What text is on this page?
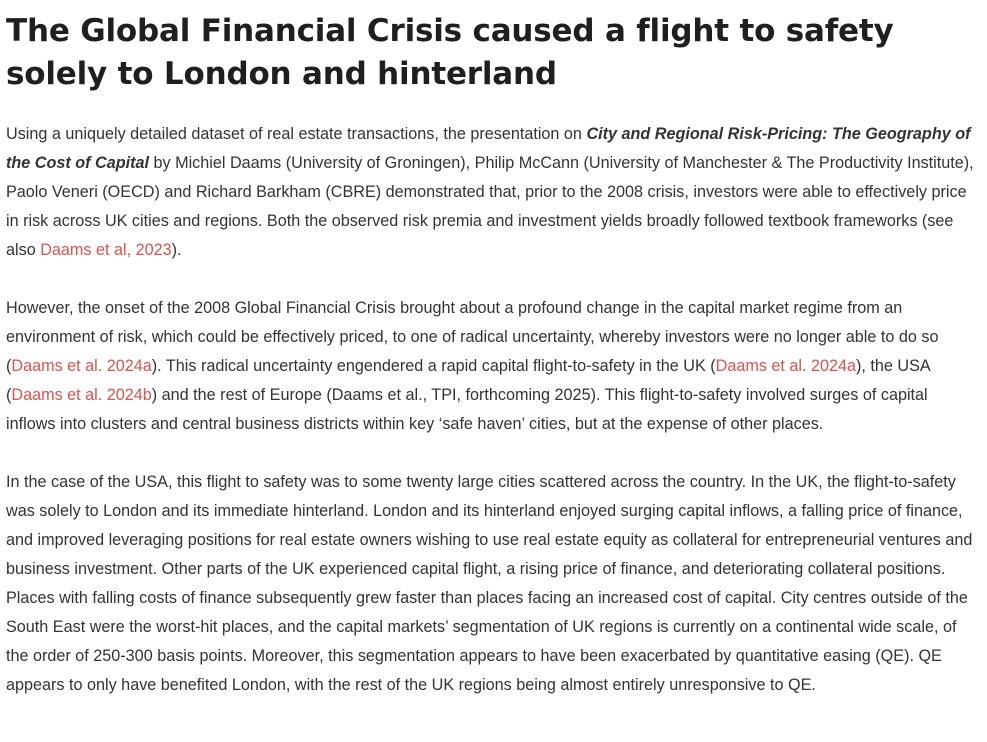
The Global Financial Crisis caused a flight to safety solely to London and hinterland

Using a uniquely detailed dataset of real estate transactions, the presentation on City and Regional Risk-Pricing: The Geography of the Cost of Capital by Michiel Daams (University of Groningen), Philip McCann (University of Manchester & The Productivity Institute), Paolo Veneri (OECD) and Richard Barkham (CBRE) demonstrated that, prior to the 2008 crisis, investors were able to effectively price in risk across UK cities and regions. Both the observed risk premia and investment yields broadly followed textbook frameworks (see also Daams et al, 2023).

However, the onset of the 2008 Global Financial Crisis brought about a profound change in the capital market regime from an environment of risk, which could be effectively priced, to one of radical uncertainty, whereby investors were no longer able to do so (Daams et al. 2024a). This radical uncertainty engendered a rapid capital flight-to-safety in the UK (Daams et al. 2024a), the USA (Daams et al. 2024b) and the rest of Europe (Daams et al., TPI, forthcoming 2025). This flight-to-safety involved surges of capital inflows into clusters and central business districts within key ‘safe haven’ cities, but at the expense of other places.

In the case of the USA, this flight to safety was to some twenty large cities scattered across the country. In the UK, the flight-to-safety was solely to London and its immediate hinterland. London and its hinterland enjoyed surging capital inflows, a falling price of finance, and improved leveraging positions for real estate owners wishing to use real estate equity as collateral for entrepreneurial ventures and business investment. Other parts of the UK experienced capital flight, a rising price of finance, and deteriorating collateral positions. Places with falling costs of finance subsequently grew faster than places facing an increased cost of capital. City centres outside of the South East were the worst-hit places, and the capital markets’ segmentation of UK regions is currently on a continental wide scale, of the order of 250-300 basis points. Moreover, this segmentation appears to have been exacerbated by quantitative easing (QE). QE appears to only have benefited London, with the rest of the UK regions being almost entirely unresponsive to QE.
